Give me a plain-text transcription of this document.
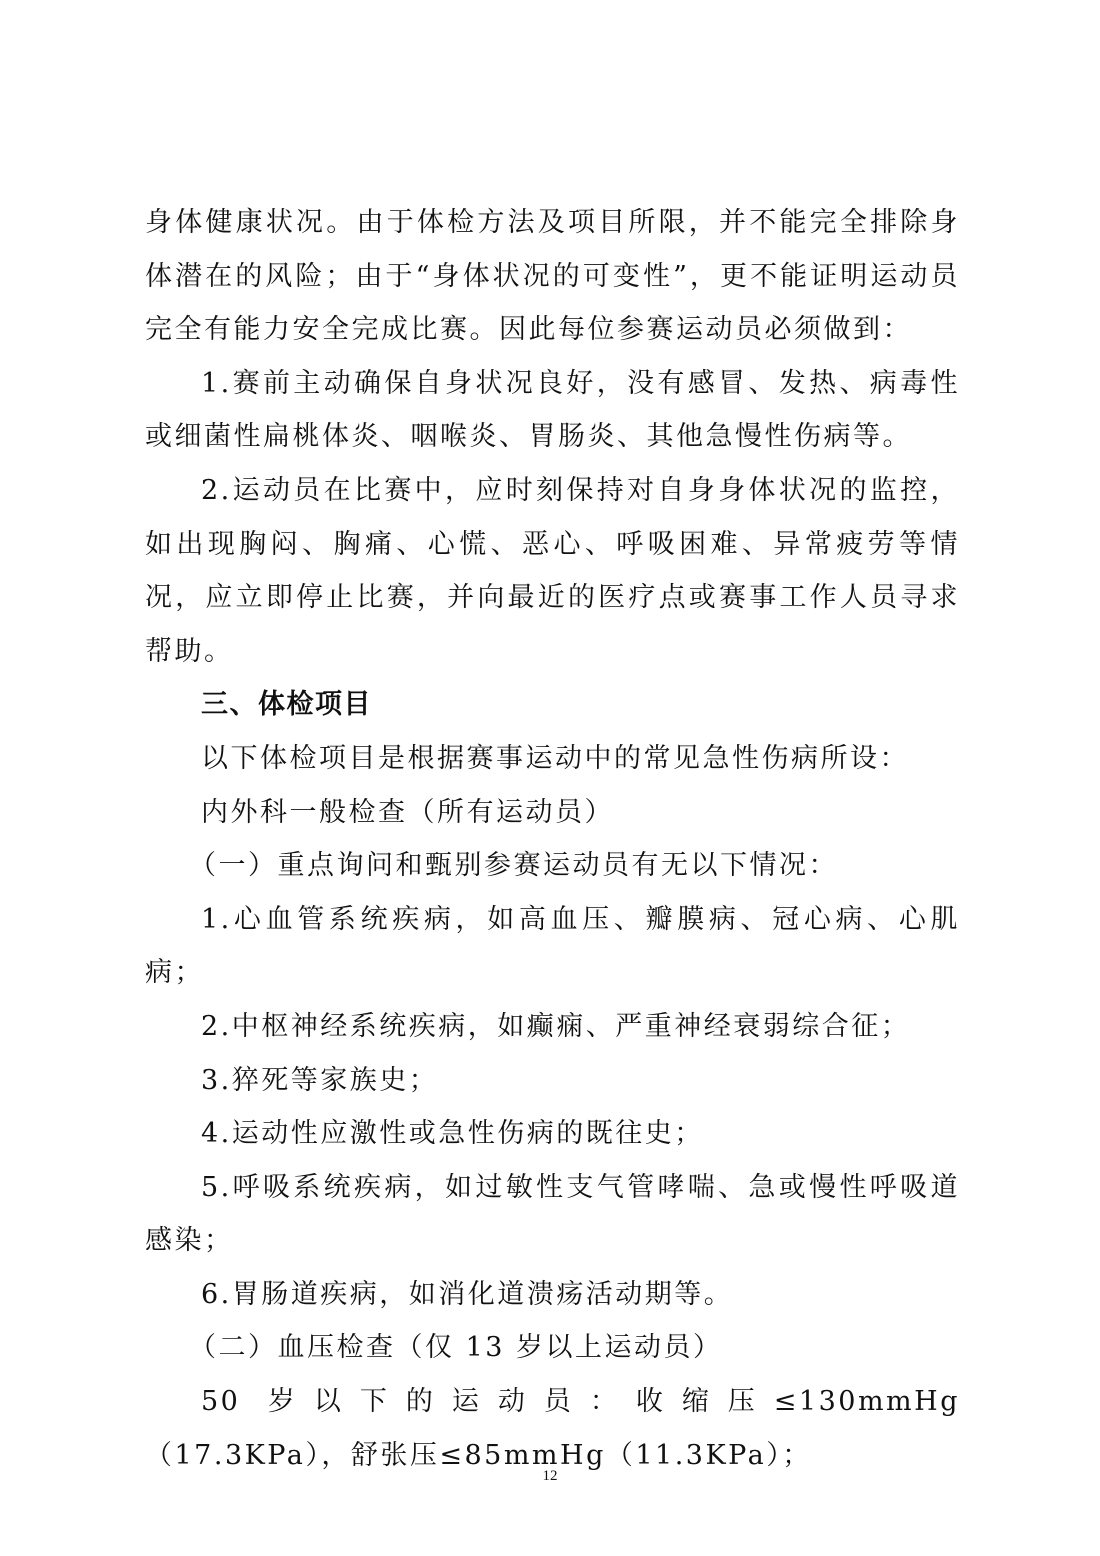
身体健康状况。由于体检方法及项目所限，并不能完全排除身体潜在的风险；由于“身体状况的可变性”，更不能证明运动员完全有能力安全完成比赛。因此每位参赛运动员必须做到：

1.赛前主动确保自身状况良好，没有感冒、发热、病毒性或细菌性扁桃体炎、咽喉炎、胃肠炎、其他急慢性伤病等。

2.运动员在比赛中，应时刻保持对自身身体状况的监控，如出现胸闷、胸痛、心慌、恶心、呼吸困难、异常疲劳等情况，应立即停止比赛，并向最近的医疗点或赛事工作人员寻求帮助。

三、体检项目

以下体检项目是根据赛事运动中的常见急性伤病所设：

内外科一般检查（所有运动员）

（一）重点询问和甄别参赛运动员有无以下情况：

1.心血管系统疾病，如高血压、瓣膜病、冠心病、心肌病；

2.中枢神经系统疾病，如癫痫、严重神经衰弱综合征；

3.猝死等家族史；

4.运动性应激性或急性伤病的既往史；

5.呼吸系统疾病，如过敏性支气管哮喘、急或慢性呼吸道感染；

6.胃肠道疾病，如消化道溃疡活动期等。

（二）血压检查（仅 13 岁以上运动员）

50 岁以下的运动员：收缩压≤130mmHg（17.3KPa），舒张压≤85mmHg（11.3KPa）；

12
